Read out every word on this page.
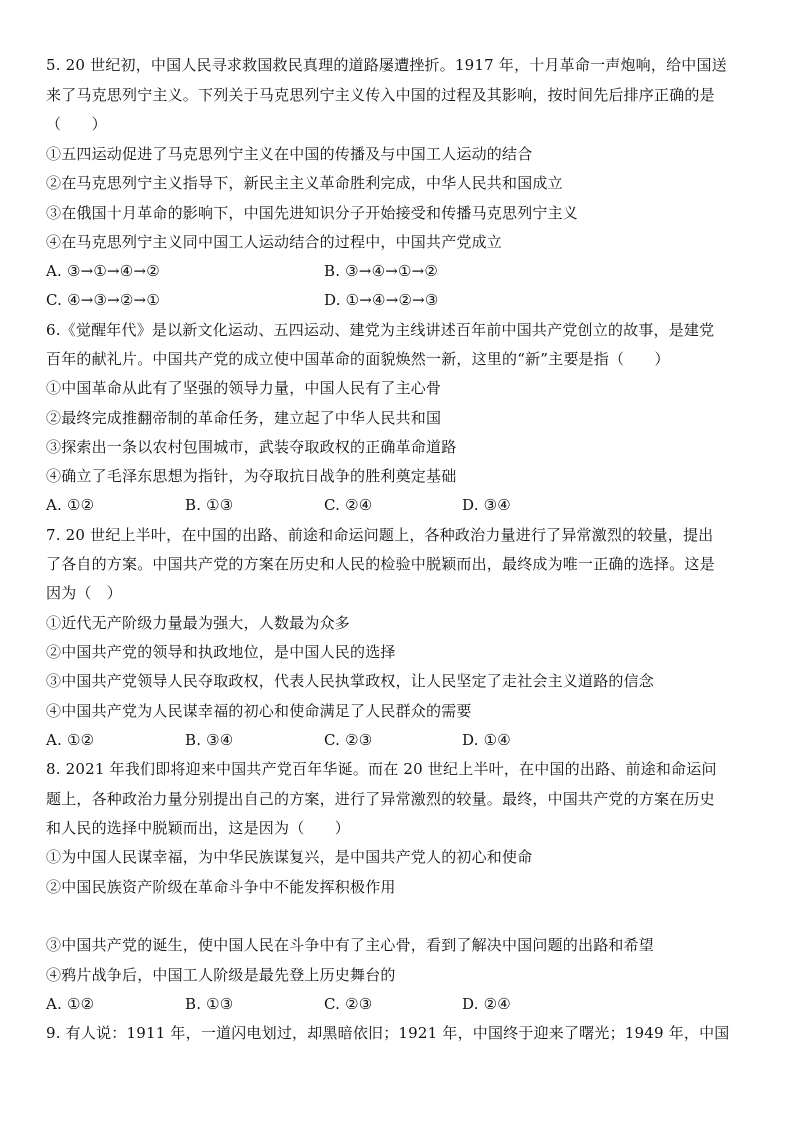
5. 20 世纪初，中国人民寻求救国救民真理的道路屡遭挫折。1917 年，十月革命一声炮响，给中国送
来了马克思列宁主义。下列关于马克思列宁主义传入中国的过程及其影响，按时间先后排序正确的是
（　　）
①五四运动促进了马克思列宁主义在中国的传播及与中国工人运动的结合
②在马克思列宁主义指导下，新民主主义革命胜利完成，中华人民共和国成立
③在俄国十月革命的影响下，中国先进知识分子开始接受和传播马克思列宁主义
④在马克思列宁主义同中国工人运动结合的过程中，中国共产党成立
A. ③→①→④→②	B. ③→④→①→②
C. ④→③→②→①	D. ①→④→②→③
6.《觉醒年代》是以新文化运动、五四运动、建党为主线讲述百年前中国共产党创立的故事，是建党
百年的献礼片。中国共产党的成立使中国革命的面貌焕然一新，这里的“新”主要是指（　　）
①中国革命从此有了坚强的领导力量，中国人民有了主心骨
②最终完成推翻帝制的革命任务，建立起了中华人民共和国
③探索出一条以农村包围城市，武装夺取政权的正确革命道路
④确立了毛泽东思想为指针，为夺取抗日战争的胜利奠定基础
A. ①②	B. ①③	C. ②④	D. ③④
7. 20 世纪上半叶，在中国的出路、前途和命运问题上，各种政治力量进行了异常激烈的较量，提出
了各自的方案。中国共产党的方案在历史和人民的检验中脱颖而出，最终成为唯一正确的选择。这是
因为（　）
①近代无产阶级力量最为强大，人数最为众多
②中国共产党的领导和执政地位，是中国人民的选择
③中国共产党领导人民夺取政权，代表人民执掌政权，让人民坚定了走社会主义道路的信念
④中国共产党为人民谋幸福的初心和使命满足了人民群众的需要
A. ①②	B. ③④	C. ②③	D. ①④
8. 2021 年我们即将迎来中国共产党百年华诞。而在 20 世纪上半叶，在中国的出路、前途和命运问
题上，各种政治力量分别提出自己的方案，进行了异常激烈的较量。最终，中国共产党的方案在历史
和人民的选择中脱颖而出，这是因为（　　）
①为中国人民谋幸福，为中华民族谋复兴，是中国共产党人的初心和使命
②中国民族资产阶级在革命斗争中不能发挥积极作用
③中国共产党的诞生，使中国人民在斗争中有了主心骨，看到了解决中国问题的出路和希望
④鸦片战争后，中国工人阶级是最先登上历史舞台的
A. ①②	B. ①③	C. ②③	D. ②④
9. 有人说：1911 年，一道闪电划过，却黑暗依旧；1921 年，中国终于迎来了曙光；1949 年，中国
